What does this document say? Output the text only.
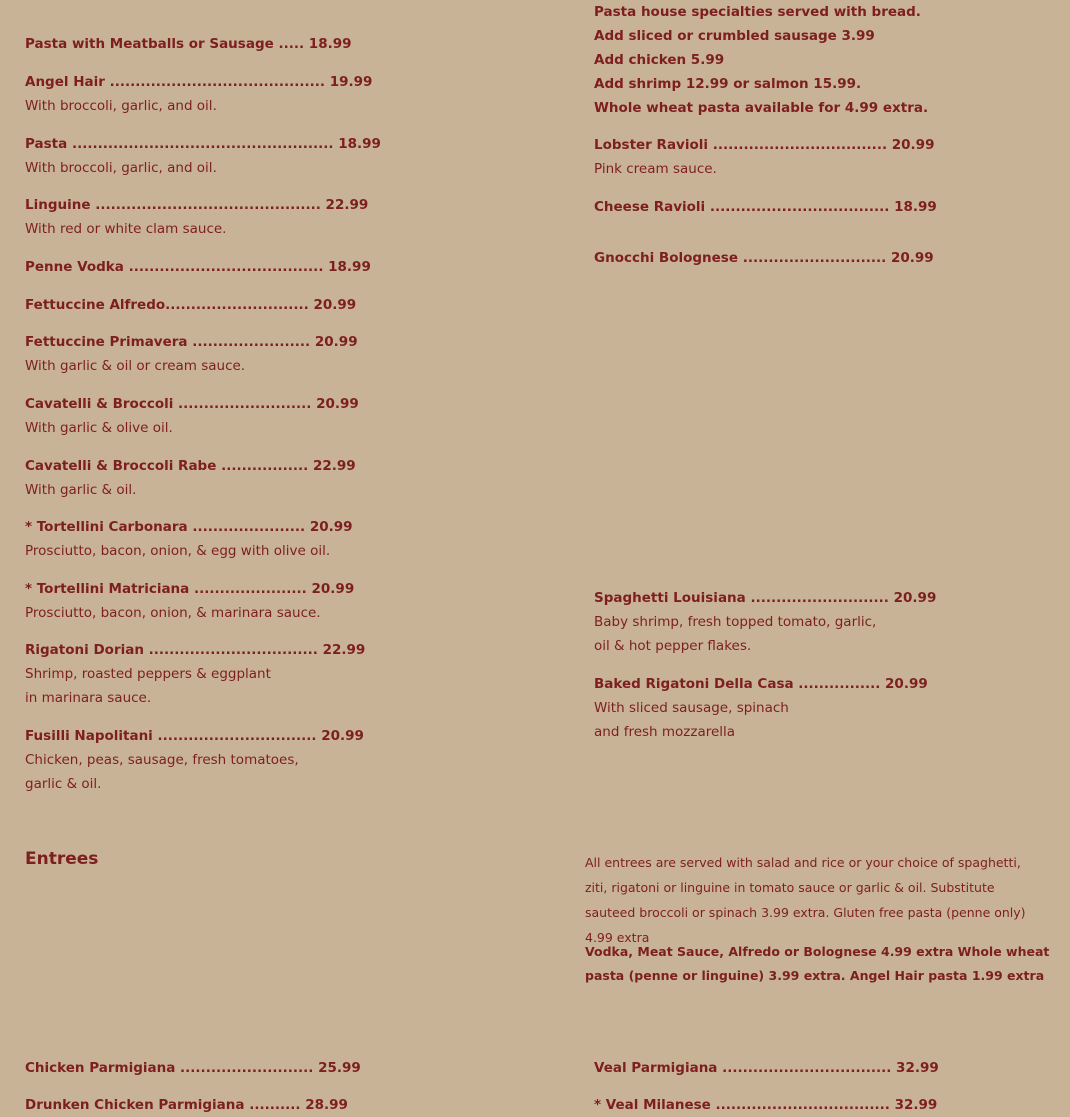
Pasta house specialties served with bread.
Add sliced or crumbled sausage 3.99
Add chicken 5.99
Add shrimp 12.99 or salmon 15.99.
Whole wheat pasta available for 4.99 extra.
Pasta with Meatballs or Sausage ..... 18.99
Angel Hair .......................................... 19.99
With broccoli, garlic, and oil.
Pasta ................................................... 18.99
With broccoli, garlic, and oil.
Linguine ............................................ 22.99
With red or white clam sauce.
Penne Vodka ...................................... 18.99
Fettuccine Alfredo............................ 20.99
Fettuccine Primavera ....................... 20.99
With garlic & oil or cream sauce.
Cavatelli & Broccoli .......................... 20.99
With garlic & olive oil.
Cavatelli & Broccoli Rabe ................. 22.99
With garlic & oil.
* Tortellini Carbonara ...................... 20.99
Prosciutto, bacon, onion, & egg with olive oil.
* Tortellini Matriciana ...................... 20.99
Prosciutto, bacon, onion, & marinara sauce.
Rigatoni Dorian ................................. 22.99
Shrimp, roasted peppers & eggplant
in marinara sauce.
Fusilli Napolitani ............................... 20.99
Chicken, peas, sausage, fresh tomatoes,
garlic & oil.
Lobster Ravioli .................................. 20.99
Pink cream sauce.
Cheese Ravioli ................................... 18.99
Gnocchi Bolognese ............................ 20.99
Spaghetti Louisiana ........................... 20.99
Baby shrimp, fresh topped tomato, garlic,
oil & hot pepper flakes.
Baked Rigatoni Della Casa ................ 20.99
With sliced sausage, spinach
and fresh mozzarella
Entrees	All entrees are served with salad and rice or your choice of spaghetti, ziti, rigatoni or linguine in tomato sauce or garlic & oil. Substitute sauteed broccoli or spinach 3.99 extra. Gluten free pasta (penne only) 4.99 extra
Vodka, Meat Sauce, Alfredo or Bolognese 4.99 extra Whole wheat pasta (penne or linguine) 3.99 extra. Angel Hair pasta 1.99 extra
Chicken Parmigiana .......................... 25.99
Drunken Chicken Parmigiana .......... 28.99
Veal Parmigiana ................................. 32.99
* Veal Milanese .................................. 32.99
